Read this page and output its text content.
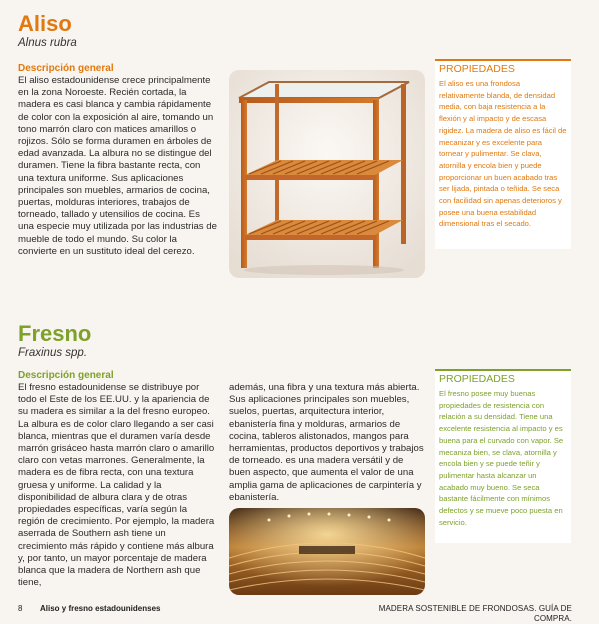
Aliso
Alnus rubra
Descripción general
El aliso estadounidense crece principalmente en la zona Noroeste. Recién cortada, la madera es casi blanca y cambia rápidamente de color con la exposición al aire, tomando un tono marrón claro con matices amarillos o rojizos. Sólo se forma duramen en árboles de edad avanzada. La albura no se distingue del duramen. Tiene la fibra bastante recta, con una textura uniforme. Sus aplicaciones principales son muebles, armarios de cocina, puertas, molduras interiores, trabajos de torneado, tallado y utensilios de cocina. Es una especie muy utilizada por las industrias de mueble de todo el mundo. Su color la convierte en un sustituto ideal del cerezo.
PROPIEDADES
El aliso es una frondosa relativamente blanda, de densidad media, con baja resistencia a la flexión y al impacto y de escasa rigidez. La madera de aliso es fácil de mecanizar y es excelente para tornear y pulimentar. Se clava, atornilla y encola bien y puede proporcionar un buen acabado tras ser lijada, pintada o teñida. Se seca con facilidad sin apenas deterioros y posee una buena estabilidad dimensional tras el secado.
Fresno
Fraxinus spp.
Descripción general
El fresno estadounidense se distribuye por todo el Este de los EE.UU. y la apariencia de su madera es similar a la del fresno europeo. La albura es de color claro llegando a ser casi blanca, mientras que el duramen varía desde marrón grisáceo hasta marrón claro o amarillo claro con vetas marrones. Generalmente, la madera es de fibra recta, con una textura gruesa y uniforme. La calidad y la disponibilidad de albura clara y de otras propiedades específicas, varía según la región de crecimiento. Por ejemplo, la madera aserrada de Southern ash tiene un crecimiento más rápido y contiene más albura y, por tanto, un mayor porcentaje de madera blanca que la madera de Northern ash que tiene,
además, una fibra y una textura más abierta. Sus aplicaciones principales son muebles, suelos, puertas, arquitectura interior, ebanistería fina y molduras, armarios de cocina, tableros alistonados, mangos para herramientas, productos deportivos y trabajos de torneado. es una madera versátil y de buen aspecto, que aumenta el valor de una amplia gama de aplicaciones de carpintería y ebanistería.
PROPIEDADES
El fresno posee muy buenas propiedades de resistencia con relación a su densidad. Tiene una excelente resistencia al impacto y es buena para el curvado con vapor. Se mecaniza bien, se clava, atornilla y encola bien y se puede teñir y pulimentar hasta alcanzar un acabado muy bueno. Se seca bastante fácilmente con mínimos defectos y se mueve poco puesta en servicio.
8 Aliso y fresno estadounidenses	MADERA SOSTENIBLE DE FRONDOSAS. GUÍA DE COMPRA.
